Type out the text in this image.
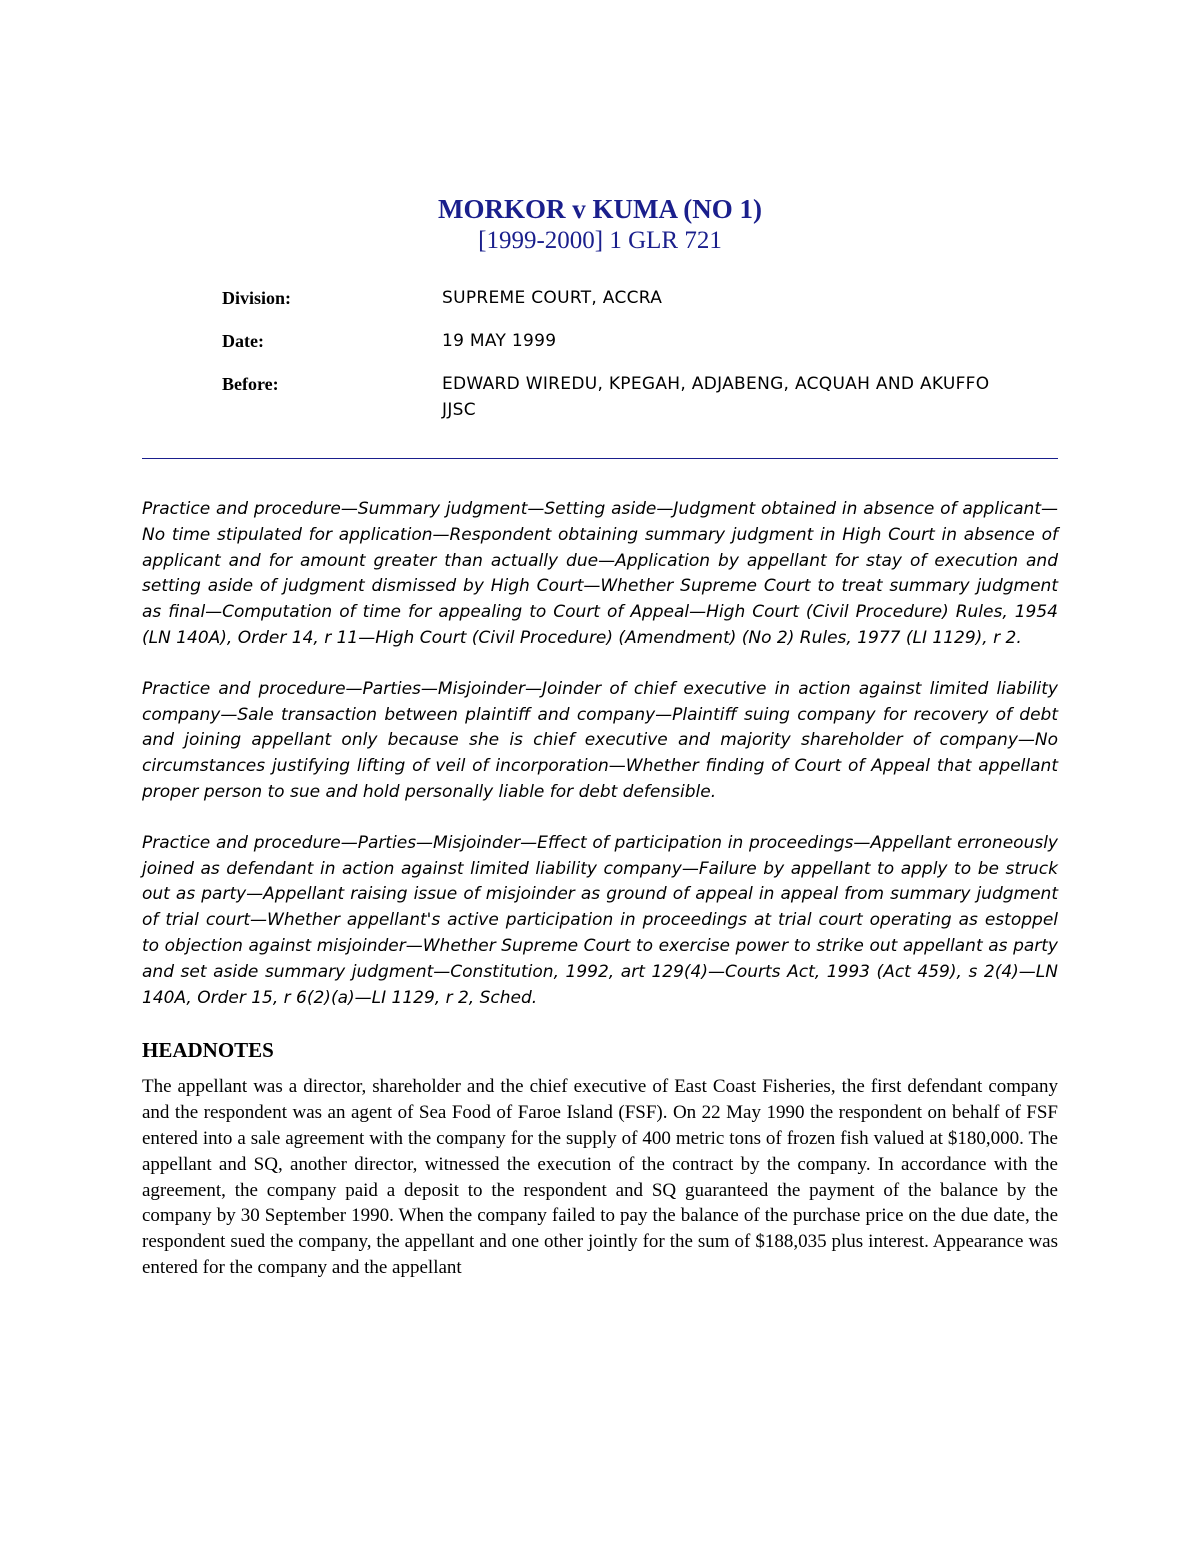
MORKOR v KUMA (NO 1)

[1999-2000] 1 GLR 721

Division:	SUPREME COURT, ACCRA
Date:	19 MAY 1999
Before:	EDWARD WIREDU, KPEGAH, ADJABENG, ACQUAH AND AKUFFO JJSC

Practice and procedure—Summary judgment—Setting aside—Judgment obtained in absence of applicant—No time stipulated for application—Respondent obtaining summary judgment in High Court in absence of applicant and for amount greater than actually due—Application by appellant for stay of execution and setting aside of judgment dismissed by High Court—Whether Supreme Court to treat summary judgment as final—Computation of time for appealing to Court of Appeal—High Court (Civil Procedure) Rules, 1954 (LN 140A), Order 14, r 11—High Court (Civil Procedure) (Amendment) (No 2) Rules, 1977 (LI 1129), r 2.

Practice and procedure—Parties—Misjoinder—Joinder of chief executive in action against limited liability company—Sale transaction between plaintiff and company—Plaintiff suing company for recovery of debt and joining appellant only because she is chief executive and majority shareholder of company—No circumstances justifying lifting of veil of incorporation—Whether finding of Court of Appeal that appellant proper person to sue and hold personally liable for debt defensible.

Practice and procedure—Parties—Misjoinder—Effect of participation in proceedings—Appellant erroneously joined as defendant in action against limited liability company—Failure by appellant to apply to be struck out as party—Appellant raising issue of misjoinder as ground of appeal in appeal from summary judgment of trial court—Whether appellant's active participation in proceedings at trial court operating as estoppel to objection against misjoinder—Whether Supreme Court to exercise power to strike out appellant as party and set aside summary judgment—Constitution, 1992, art 129(4)—Courts Act, 1993 (Act 459), s 2(4)—LN 140A, Order 15, r 6(2)(a)—LI 1129, r 2, Sched.

HEADNOTES

The appellant was a director, shareholder and the chief executive of East Coast Fisheries, the first defendant company and the respondent was an agent of Sea Food of Faroe Island (FSF). On 22 May 1990 the respondent on behalf of FSF entered into a sale agreement with the company for the supply of 400 metric tons of frozen fish valued at $180,000. The appellant and SQ, another director, witnessed the execution of the contract by the company. In accordance with the agreement, the company paid a deposit to the respondent and SQ guaranteed the payment of the balance by the company by 30 September 1990. When the company failed to pay the balance of the purchase price on the due date, the respondent sued the company, the appellant and one other jointly for the sum of $188,035 plus interest. Appearance was entered for the company and the appellant
